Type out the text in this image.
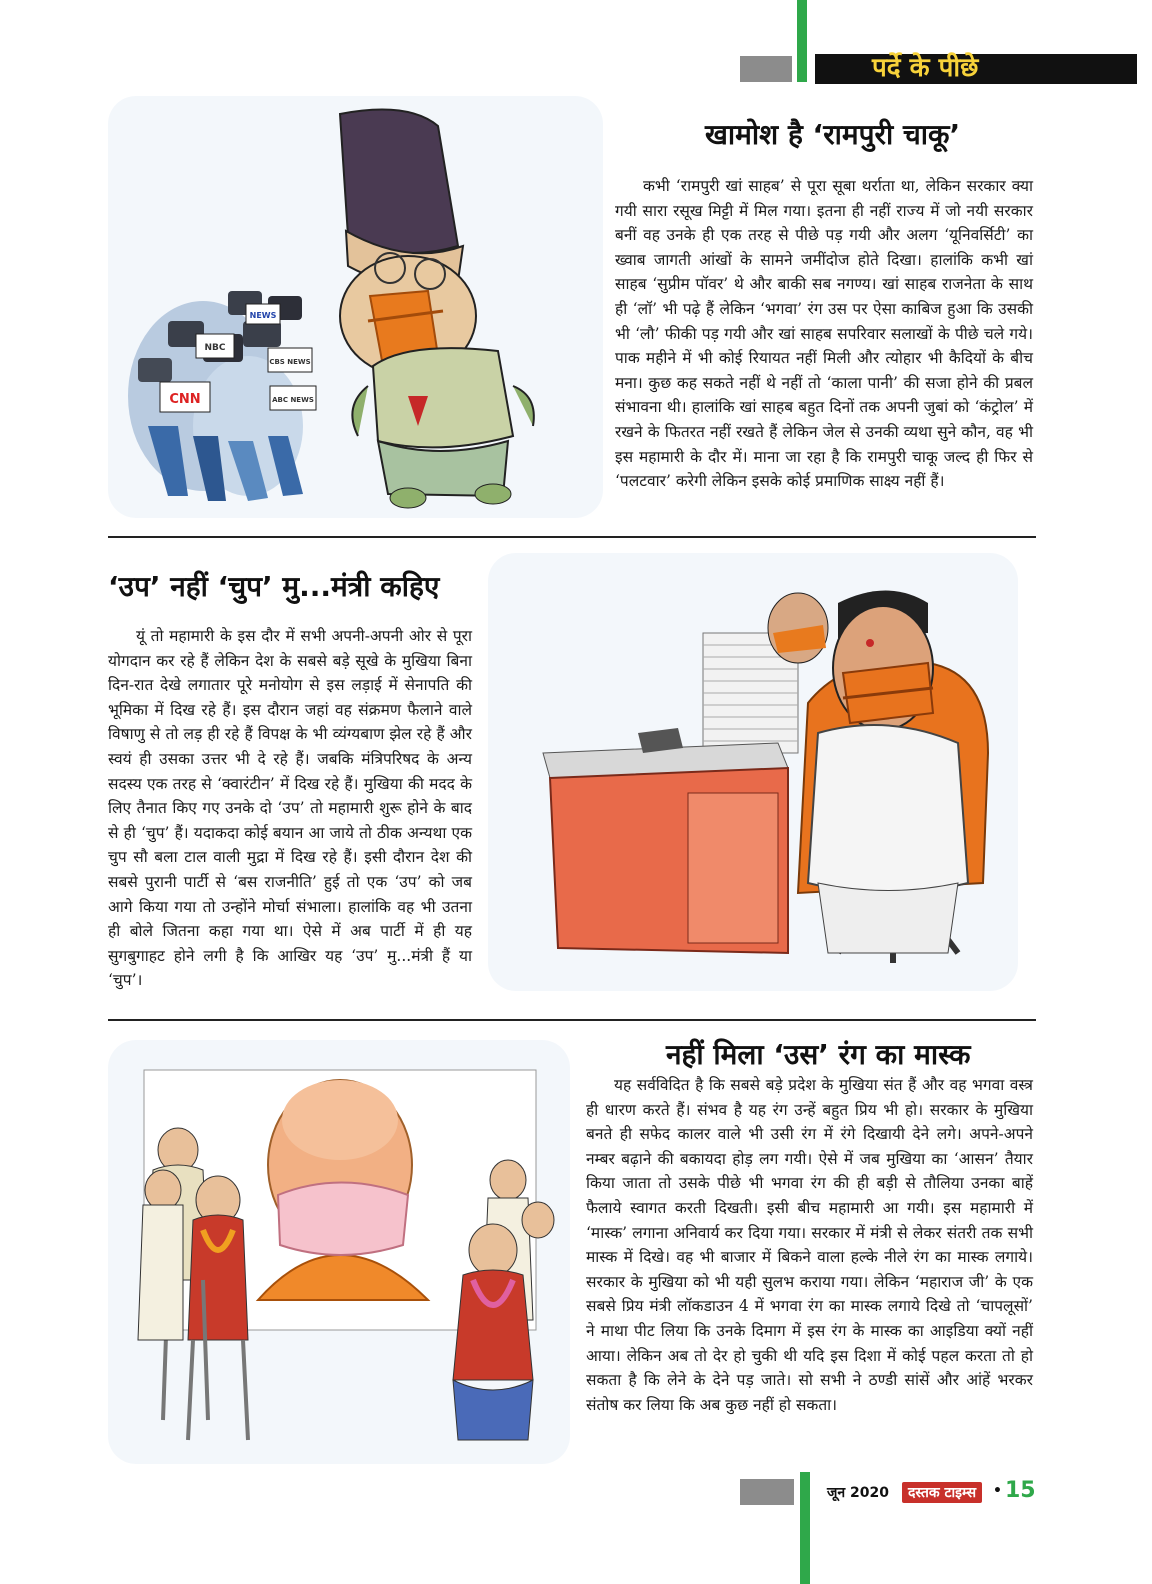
पर्दे के पीछे
CNN
NBC
CBS NEWS
ABC NEWS
NEWS
खामोश है ‘रामपुरी चाकू’
कभी ‘रामपुरी खां साहब’ से पूरा सूबा थर्राता था, लेकिन सरकार क्या गयी सारा रसूख मिट्टी में मिल गया। इतना ही नहीं राज्य में जो नयी सरकार बनीं वह उनके ही एक तरह से पीछे पड़ गयी और अलग ‘यूनिवर्सिटी’ का ख्वाब जागती आंखों के सामने जमींदोज होते दिखा। हालांकि कभी खां साहब ‘सुप्रीम पॉवर’ थे और बाकी सब नगण्य। खां साहब राजनेता के साथ ही ‘लॉ’ भी पढ़े हैं लेकिन ‘भगवा’ रंग उस पर ऐसा काबिज हुआ कि उसकी भी ‘लौ’ फीकी पड़ गयी और खां साहब सपरिवार सलाखों के पीछे चले गये। पाक महीने में भी कोई रियायत नहीं मिली और त्योहार भी कैदियों के बीच मना। कुछ कह सकते नहीं थे नहीं तो ‘काला पानी’ की सजा होने की प्रबल संभावना थी। हालांकि खां साहब बहुत दिनों तक अपनी जुबां को ‘कंट्रोल’ में रखने के फितरत नहीं रखते हैं लेकिन जेल से उनकी व्यथा सुने कौन, वह भी इस महामारी के दौर में। माना जा रहा है कि रामपुरी चाकू जल्द ही फिर से ‘पलटवार’ करेगी लेकिन इसके कोई प्रमाणिक साक्ष्य नहीं हैं।
‘उप’ नहीं ‘चुप’ मु...मंत्री कहिए
यूं तो महामारी के इस दौर में सभी अपनी-अपनी ओर से पूरा योगदान कर रहे हैं लेकिन देश के सबसे बड़े सूखे के मुखिया बिना दिन-रात देखे लगातार पूरे मनोयोग से इस लड़ाई में सेनापति की भूमिका में दिख रहे हैं। इस दौरान जहां वह संक्रमण फैलाने वाले विषाणु से तो लड़ ही रहे हैं विपक्ष के भी व्यंग्यबाण झेल रहे हैं और स्वयं ही उसका उत्तर भी दे रहे हैं। जबकि मंत्रिपरिषद के अन्य सदस्य एक तरह से ‘क्वारंटीन’ में दिख रहे हैं। मुखिया की मदद के लिए तैनात किए गए उनके दो ‘उप’ तो महामारी शुरू होने के बाद से ही ‘चुप’ हैं। यदाकदा कोई बयान आ जाये तो ठीक अन्यथा एक चुप सौ बला टाल वाली मुद्रा में दिख रहे हैं। इसी दौरान देश की सबसे पुरानी पार्टी से ‘बस राजनीति’ हुई तो एक ‘उप’ को जब आगे किया गया तो उन्होंने मोर्चा संभाला। हालांकि वह भी उतना ही बोले जितना कहा गया था। ऐसे में अब पार्टी में ही यह सुगबुगाहट होने लगी है कि आखिर यह ‘उप’ मु...मंत्री हैं या ‘चुप’।
नहीं मिला ‘उस’ रंग का मास्क
यह सर्वविदित है कि सबसे बड़े प्रदेश के मुखिया संत हैं और वह भगवा वस्त्र ही धारण करते हैं। संभव है यह रंग उन्हें बहुत प्रिय भी हो। सरकार के मुखिया बनते ही सफेद कालर वाले भी उसी रंग में रंगे दिखायी देने लगे। अपने-अपने नम्बर बढ़ाने की बकायदा होड़ लग गयी। ऐसे में जब मुखिया का ‘आसन’ तैयार किया जाता तो उसके पीछे भी भगवा रंग की ही बड़ी से तौलिया उनका बाहें फैलाये स्वागत करती दिखती। इसी बीच महामारी आ गयी। इस महामारी में ‘मास्क’ लगाना अनिवार्य कर दिया गया। सरकार में मंत्री से लेकर संतरी तक सभी मास्क में दिखे। वह भी बाजार में बिकने वाला हल्के नीले रंग का मास्क लगाये। सरकार के मुखिया को भी यही सुलभ कराया गया। लेकिन ‘महाराज जी’ के एक सबसे प्रिय मंत्री लॉकडाउन 4 में भगवा रंग का मास्क लगाये दिखे तो ‘चापलूसों’ ने माथा पीट लिया कि उनके दिमाग में इस रंग के मास्क का आइडिया क्यों नहीं आया। लेकिन अब तो देर हो चुकी थी यदि इस दिशा में कोई पहल करता तो हो सकता है कि लेने के देने पड़ जाते। सो सभी ने ठण्डी सांसें और आंहें भरकर संतोष कर लिया कि अब कुछ नहीं हो सकता।
जून 2020	दस्तक टाइम्स	• 15
